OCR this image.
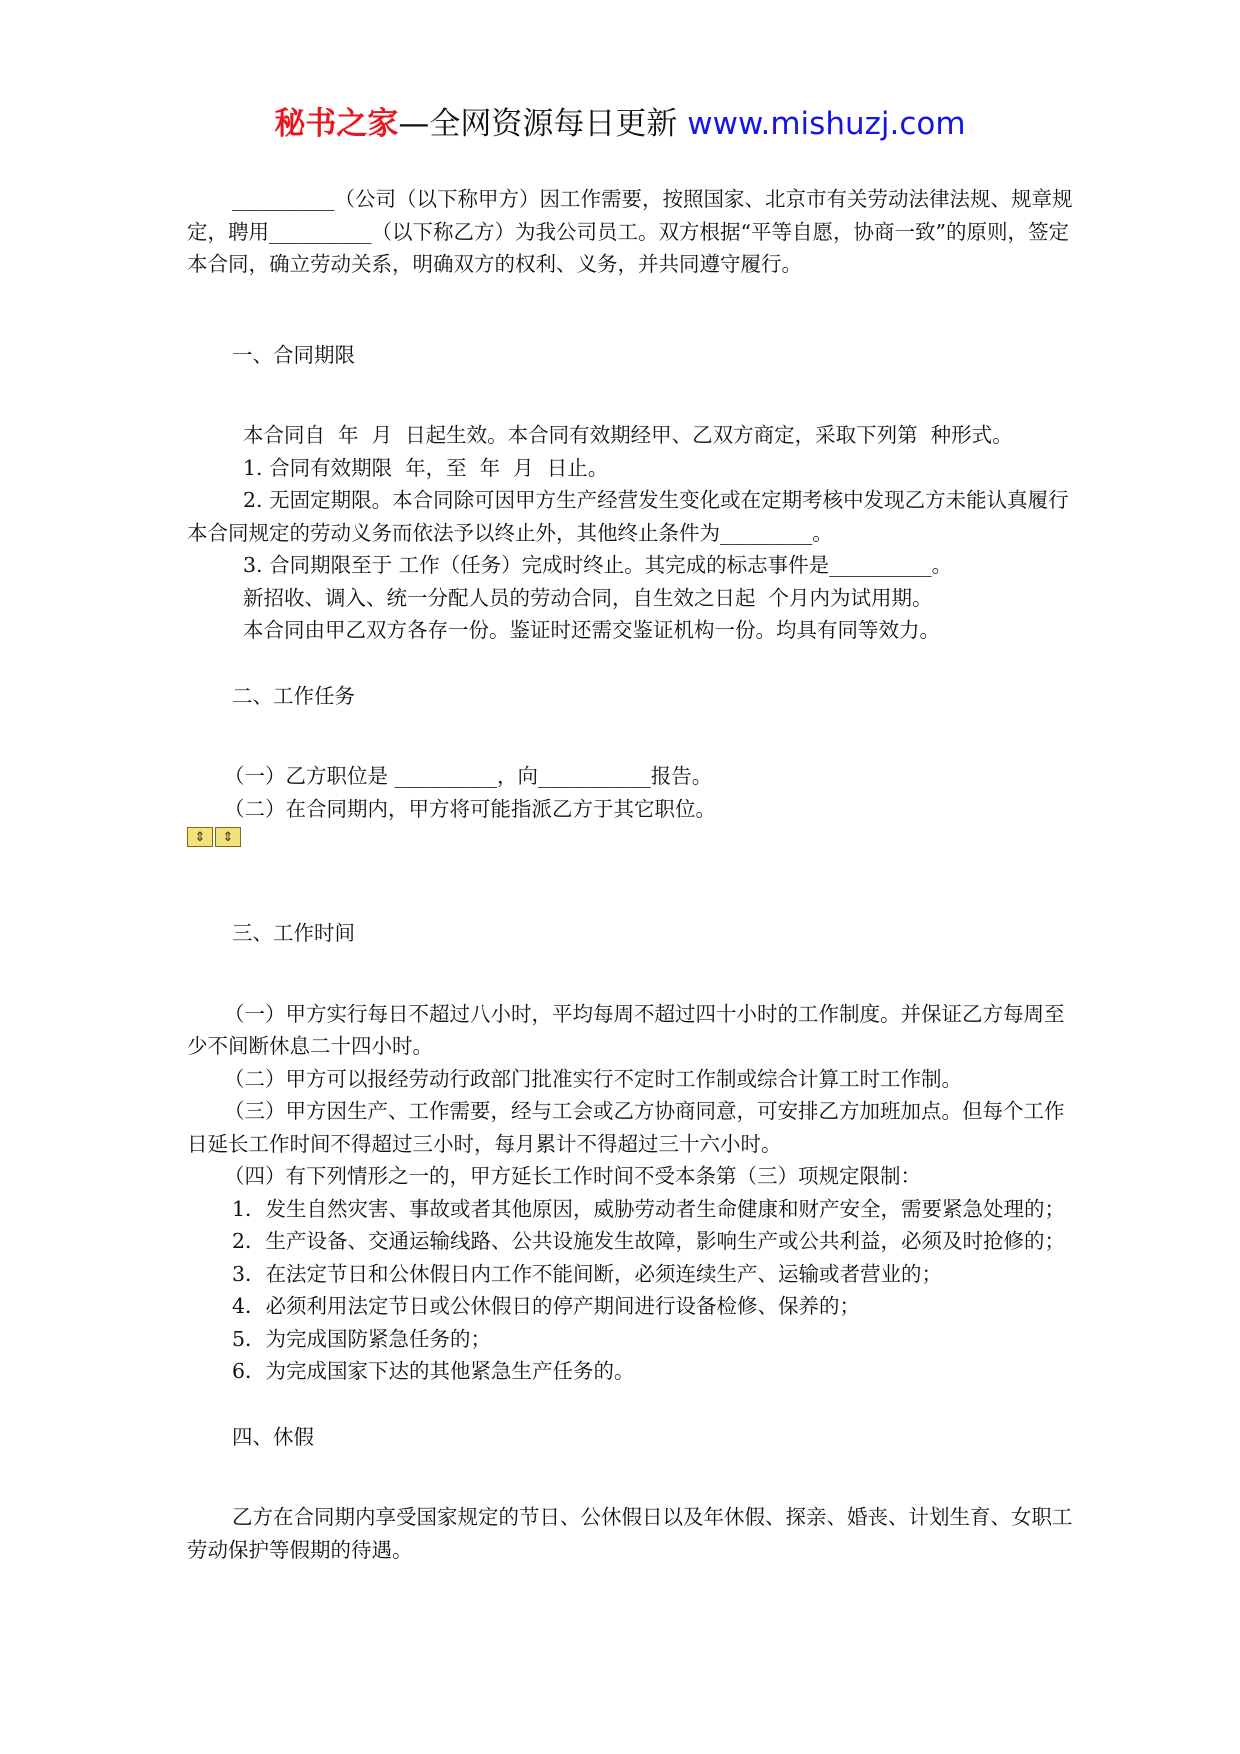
秘书之家—全网资源每日更新 www.mishuzj.com

__________（公司（以下称甲方）因工作需要，按照国家、北京市有关劳动法律法规、规章规定，聘用__________（以下称乙方）为我公司员工。双方根据“平等自愿，协商一致”的原则，签定本合同，确立劳动关系，明确双方的权利、义务，并共同遵守履行。

一、合同期限

本合同自  年  月  日起生效。本合同有效期经甲、乙双方商定，采取下列第  种形式。

1. 合同有效期限  年，至  年  月  日止。

2. 无固定期限。本合同除可因甲方生产经营发生变化或在定期考核中发现乙方未能认真履行本合同规定的劳动义务而依法予以终止外，其他终止条件为_________。

3. 合同期限至于 工作（任务）完成时终止。其完成的标志事件是__________。

新招收、调入、统一分配人员的劳动合同，自生效之日起  个月内为试用期。

本合同由甲乙双方各存一份。鉴证时还需交鉴证机构一份。均具有同等效力。

二、工作任务

（一）乙方职位是 __________，向___________报告。

（二）在合同期内，甲方将可能指派乙方于其它职位。

⇕	⇕

三、工作时间

（一）甲方实行每日不超过八小时，平均每周不超过四十小时的工作制度。并保证乙方每周至少不间断休息二十四小时。

（二）甲方可以报经劳动行政部门批准实行不定时工作制或综合计算工时工作制。

（三）甲方因生产、工作需要，经与工会或乙方协商同意，可安排乙方加班加点。但每个工作日延长工作时间不得超过三小时，每月累计不得超过三十六小时。

（四）有下列情形之一的，甲方延长工作时间不受本条第（三）项规定限制：

1．发生自然灾害、事故或者其他原因，威胁劳动者生命健康和财产安全，需要紧急处理的；

2．生产设备、交通运输线路、公共设施发生故障，影响生产或公共利益，必须及时抢修的；

3．在法定节日和公休假日内工作不能间断，必须连续生产、运输或者营业的；

4．必须利用法定节日或公休假日的停产期间进行设备检修、保养的；

5．为完成国防紧急任务的；

6．为完成国家下达的其他紧急生产任务的。

四、休假

乙方在合同期内享受国家规定的节日、公休假日以及年休假、探亲、婚丧、计划生育、女职工劳动保护等假期的待遇。
